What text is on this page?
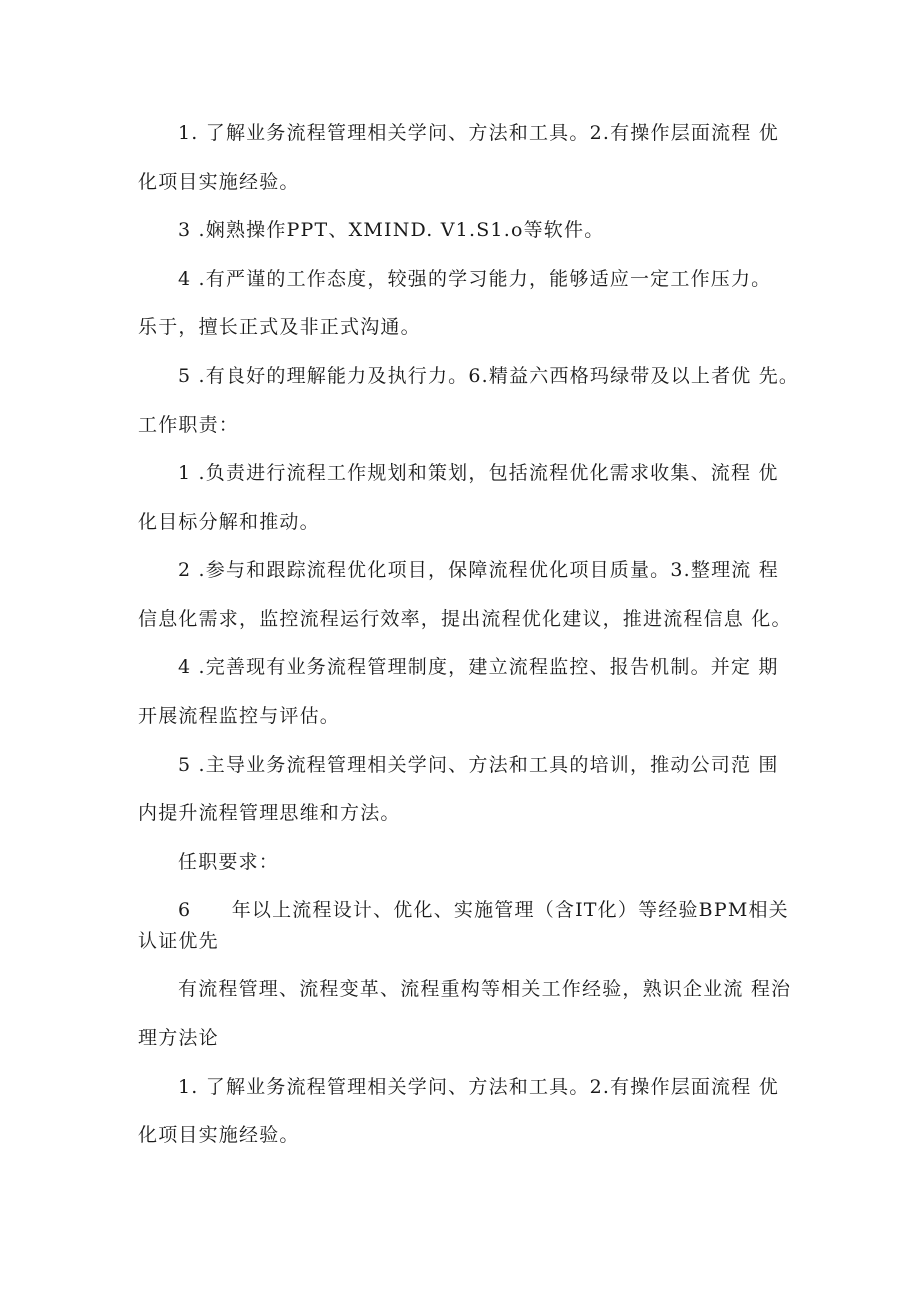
1. 了解业务流程管理相关学问、方法和工具。2.有操作层面流程 优
化项目实施经验。
3 .娴熟操作PPT、XMIND. V1.S1.o等软件。
4 .有严谨的工作态度，较强的学习能力，能够适应一定工作压力。
乐于，擅长正式及非正式沟通。
5 .有良好的理解能力及执行力。6.精益六西格玛绿带及以上者优 先。
工作职责：
1 .负责进行流程工作规划和策划，包括流程优化需求收集、流程 优
化目标分解和推动。
2 .参与和跟踪流程优化项目，保障流程优化项目质量。3.整理流 程
信息化需求，监控流程运行效率，提出流程优化建议，推进流程信息 化。
4 .完善现有业务流程管理制度，建立流程监控、报告机制。并定 期
开展流程监控与评估。
5 .主导业务流程管理相关学问、方法和工具的培训，推动公司范 围
内提升流程管理思维和方法。
任职要求：
6　　年以上流程设计、优化、实施管理（含IT化）等经验BPM相关
认证优先
有流程管理、流程变革、流程重构等相关工作经验，熟识企业流 程治
理方法论
1. 了解业务流程管理相关学问、方法和工具。2.有操作层面流程 优
化项目实施经验。
